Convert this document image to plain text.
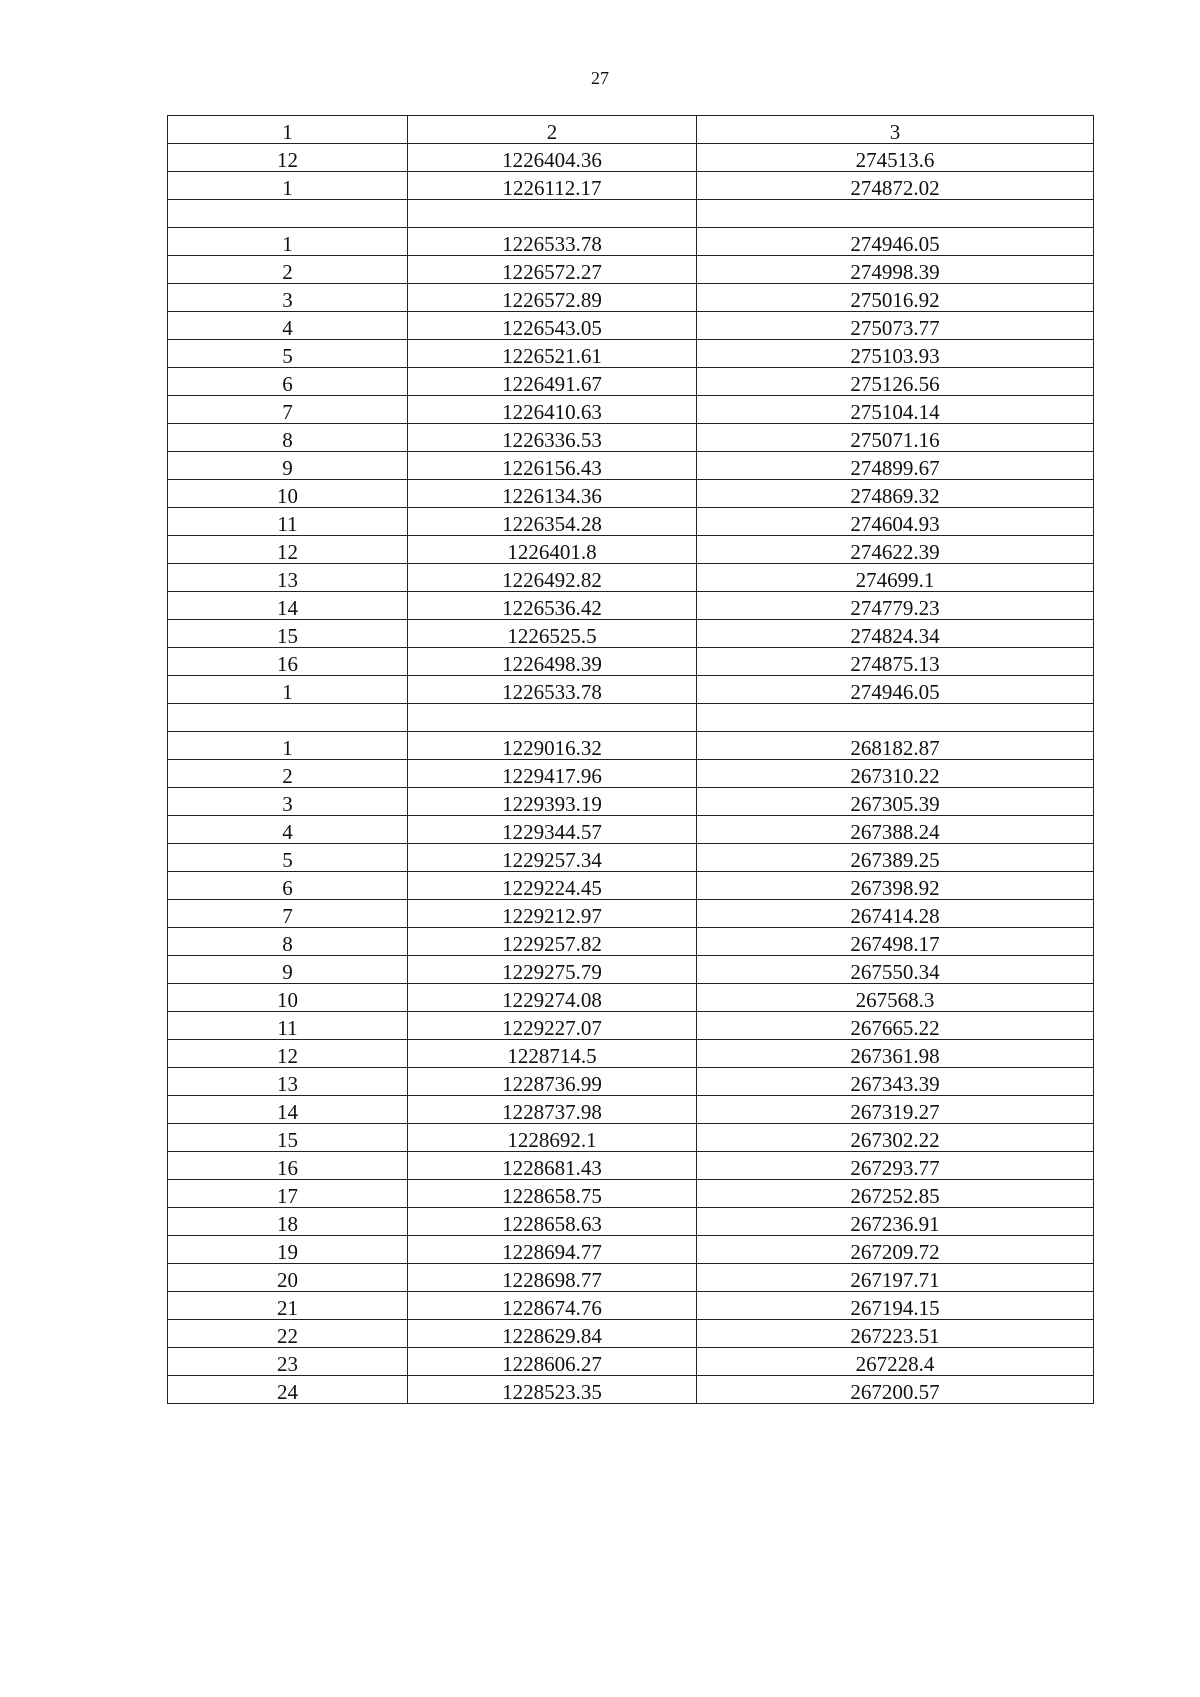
27
1	2	3
12	1226404.36	274513.6
1	1226112.17	274872.02

1	1226533.78	274946.05
2	1226572.27	274998.39
3	1226572.89	275016.92
4	1226543.05	275073.77
5	1226521.61	275103.93
6	1226491.67	275126.56
7	1226410.63	275104.14
8	1226336.53	275071.16
9	1226156.43	274899.67
10	1226134.36	274869.32
11	1226354.28	274604.93
12	1226401.8	274622.39
13	1226492.82	274699.1
14	1226536.42	274779.23
15	1226525.5	274824.34
16	1226498.39	274875.13
1	1226533.78	274946.05

1	1229016.32	268182.87
2	1229417.96	267310.22
3	1229393.19	267305.39
4	1229344.57	267388.24
5	1229257.34	267389.25
6	1229224.45	267398.92
7	1229212.97	267414.28
8	1229257.82	267498.17
9	1229275.79	267550.34
10	1229274.08	267568.3
11	1229227.07	267665.22
12	1228714.5	267361.98
13	1228736.99	267343.39
14	1228737.98	267319.27
15	1228692.1	267302.22
16	1228681.43	267293.77
17	1228658.75	267252.85
18	1228658.63	267236.91
19	1228694.77	267209.72
20	1228698.77	267197.71
21	1228674.76	267194.15
22	1228629.84	267223.51
23	1228606.27	267228.4
24	1228523.35	267200.57
